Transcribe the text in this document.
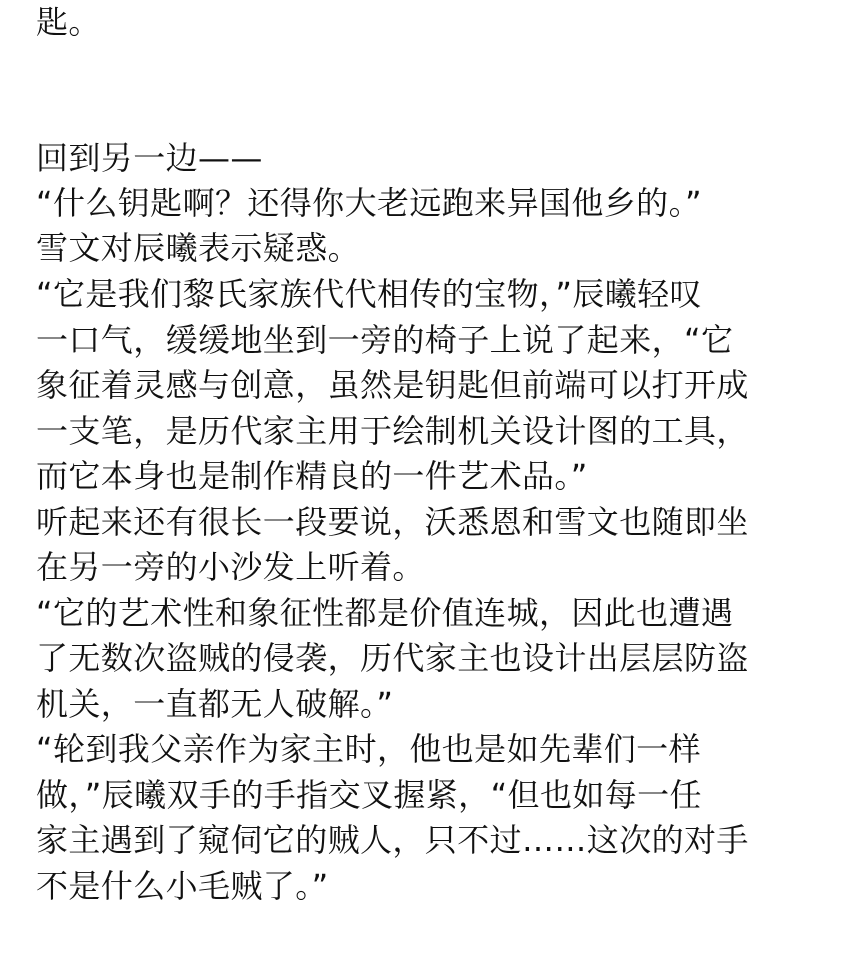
匙。
回到另一边——
“什么钥匙啊？还得你大老远跑来异国他乡的。”
雪文对辰曦表示疑惑。
“它是我们黎氏家族代代相传的宝物，”辰曦轻叹
一口气，缓缓地坐到一旁的椅子上说了起来，“它
象征着灵感与创意，虽然是钥匙但前端可以打开成
一支笔，是历代家主用于绘制机关设计图的工具，
而它本身也是制作精良的一件艺术品。”
听起来还有很长一段要说，沃悉恩和雪文也随即坐
在另一旁的小沙发上听着。
“它的艺术性和象征性都是价值连城，因此也遭遇
了无数次盗贼的侵袭，历代家主也设计出层层防盗
机关，一直都无人破解。”
“轮到我父亲作为家主时，他也是如先辈们一样
做，”辰曦双手的手指交叉握紧，“但也如每一任
家主遇到了窥伺它的贼人，只不过……这次的对手
不是什么小毛贼了。”
